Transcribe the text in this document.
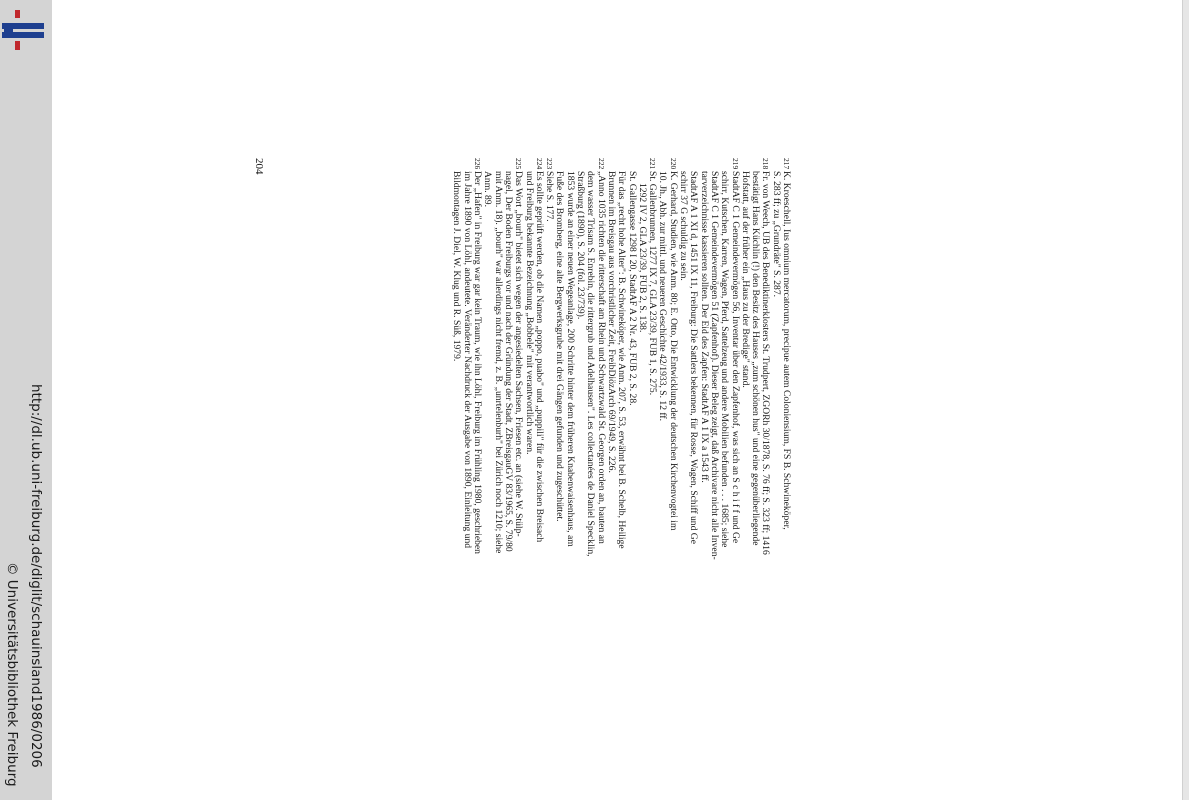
http://dl.ub.uni-freiburg.de/diglit/schauinsland1986/0206
© Universitätsbibliothek Freiburg
204	217
K. Kroeschell, Ius omnium mercatorum, precipue autem Coloniensium, FS B. Schwineköper,
S. 283 ff; zu „Grundräte" S. 287.
218
Fr. von Weech, UB des Benediktinerklosters St. Trudpert, ZGORh 30/1878, S. 76 ff; S. 323 ff; 1416
bestätigt Hans Küchlin (!) den Besitz des Hauses „zum schönen hus" und eine gegenüberliegende
Hofstatt, auf der früher ein „Haus zu der Bredige" stand.
219
StadtAF C 1 Gemeindevermögen 56, Inventar über den Zapfenhof, was sich an S c h i f f und Ge
schirr, Kutschen, Karren, Wagen, Pferd, Sattelzeug und andere Mobilien befunden . . . 1685; siehe
StadtAF C 1 Gemeindevermögen 51 (Zapfenhof). Dieser Beleg zeigt, daß Archivare nicht alle Inven-
tarverzeichnisse kassieren sollten. Der Eid des Zapfen: StadtAF A 1 IX a 1543 ff.
StadtAF A 1 XI d, 1451 IX 11, Freiburg: Die Sattlers bekennen, für Rosse, Wagen, Schiff und Ge
schirr 37 G schuldig zu sein.
220
K. Gerhard, Studien, wie Anm. 80; E. Otto, Die Entwicklung der deutschen Kirchenvogtei im
10. Jh., Abh. zur mittl. und neueren Geschichte 42/1933, S. 12 ff.
221
St. Gallenbrunnen, 1277 IX 7, GLA 23/39, FUB 1, S. 275.
1292 IV 2, GLA 23/39, FUB 2, S. 138.
St. Gallengasse 1298 I 20, StadtAF A 2 Nr. 43, FUB 2, S. 28.
Für das „recht hohe Alter": B. Schwineköper, wie Anm. 207, S. 53, erwähnt bei B. Schelb, Heilige
Brunnen im Breisgau aus vorchristlicher Zeit, FreibDiözArch 69/1949, S. 226.
222
„Anno 1035 richten die ritterschaft am Rhein und Schwartzwald St. Georgen orden an, bauten an
dem wasser Trisam S. Enrebin, die rittergrub und Adelhausen". Les collectanées de Daniel Specklin,
Straßburg (1890), S. 204 (fol. 23/739).
1853 wurde an einer neuen Wegeanlage, 200 Schritte hinter dem früheren Knabenwaisenhaus, am
Fuße des Bromberg, eine alte Bergwerksgrube mit drei Gängen gefunden und zugeschüttet.
223
Siehe S. 177.
224
Es sollte geprüft werden, ob die Namen „poppo, puabo" und „puppili" für die zwischen Breisach
und Freiburg bekannte Bezeichnung „Bobbele" mit verantwortlich waren.
225
Das Wort „bourh" bietet sich wegen der angesiedelten Sachsen, Friesen etc. an (siehe W. Stülp-
nagel, Der Boden Freiburgs vor und nach der Gründung der Stadt, ZBreisgauGV 83/1965, S. 79/80
mit Anm. 18). „bourh" war allerdings nicht fremd, z. B. „unrtelenburh" bei Zürich noch 1210; siehe
Anm. 89.
226
Der „Hafen" in Freiburg war gar kein Traum, wie ihn Löhl, Freiburg im Frühling 1980, geschrieben
im Jahre 1890 von Löhl, andeutete. Veränderter Nachdruck der Ausgabe von 1890, Einleitung und
Bildmontagen J. Diel, W. Klug und R. Süß, 1979.
